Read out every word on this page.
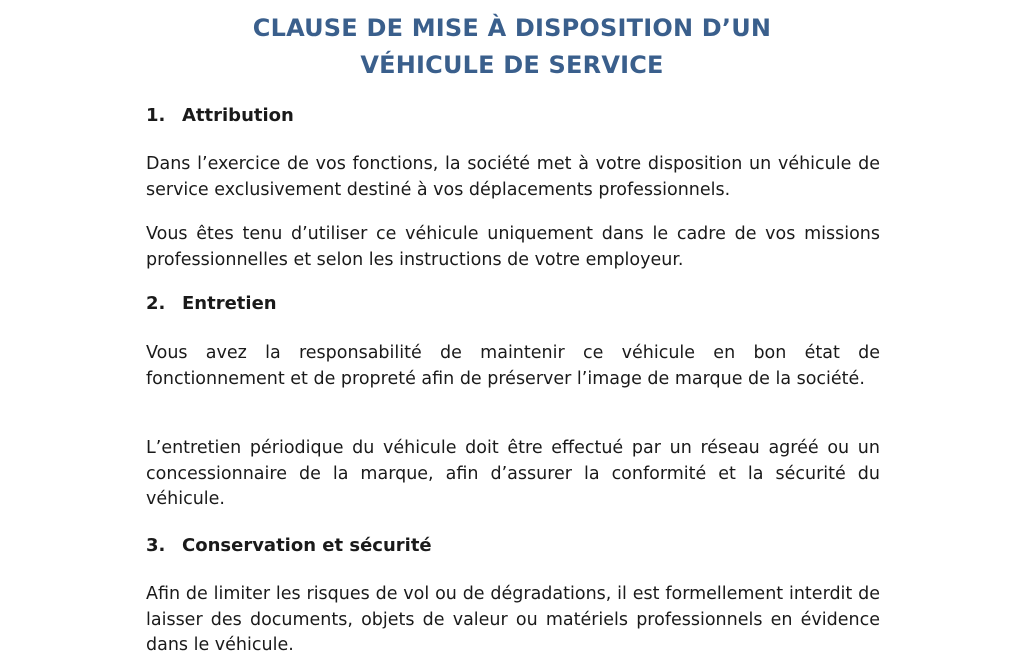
CLAUSE DE MISE À DISPOSITION D’UN
VÉHICULE DE SERVICE
1. Attribution

Dans l’exercice de vos fonctions, la société met à votre disposition un véhicule de service exclusivement destiné à vos déplacements professionnels.

Vous êtes tenu d’utiliser ce véhicule uniquement dans le cadre de vos missions professionnelles et selon les instructions de votre employeur.

2. Entretien

Vous avez la responsabilité de maintenir ce véhicule en bon état de fonctionnement et de propreté afin de préserver l’image de marque de la société.

L’entretien périodique du véhicule doit être effectué par un réseau agréé ou un concessionnaire de la marque, afin d’assurer la conformité et la sécurité du véhicule.

3. Conservation et sécurité

Afin de limiter les risques de vol ou de dégradations, il est formellement interdit de laisser des documents, objets de valeur ou matériels professionnels en évidence dans le véhicule.
